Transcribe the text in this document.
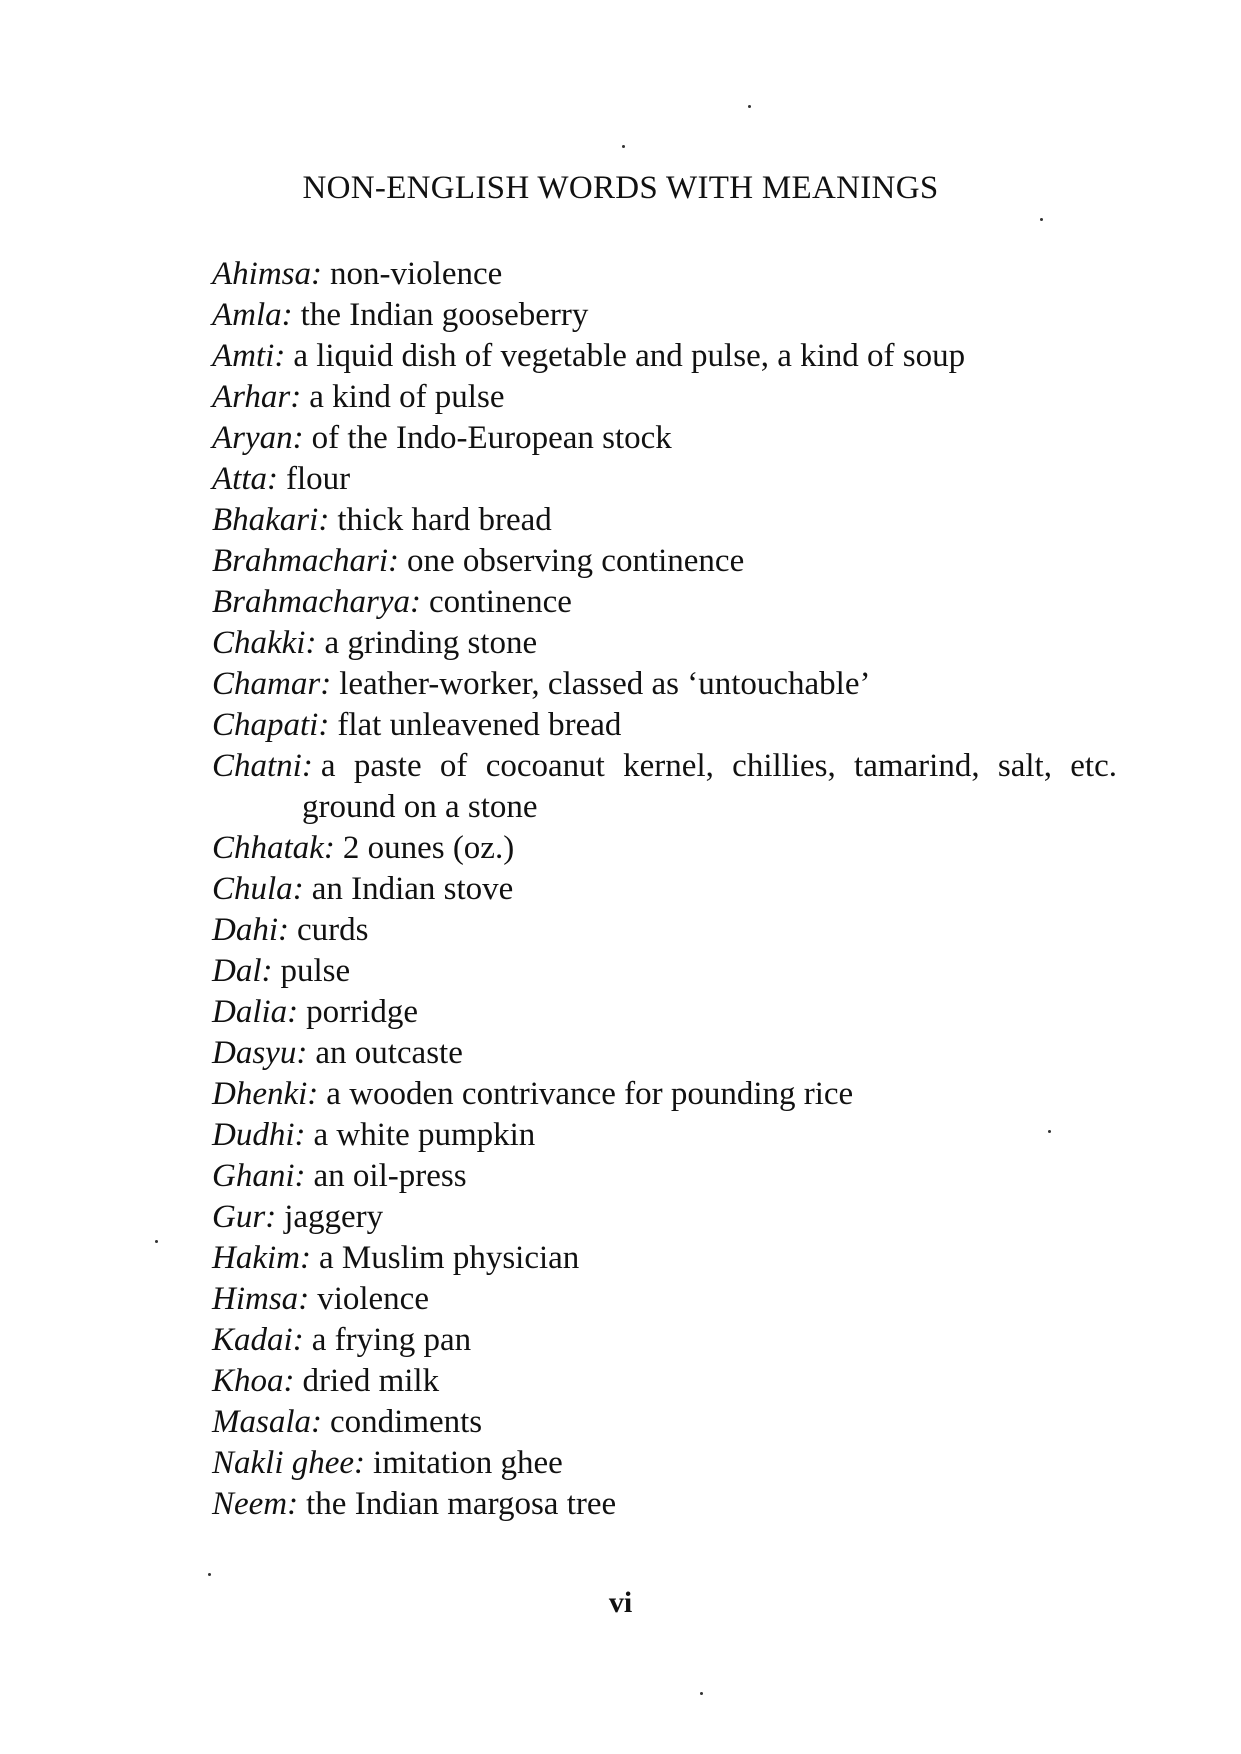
NON-ENGLISH WORDS WITH MEANINGS
Ahimsa: non-violence
Amla: the Indian gooseberry
Amti: a liquid dish of vegetable and pulse, a kind of soup
Arhar: a kind of pulse
Aryan: of the Indo-European stock
Atta: flour
Bhakari: thick hard bread
Brahmachari: one observing continence
Brahmacharya: continence
Chakki: a grinding stone
Chamar: leather-worker, classed as ‘untouchable’
Chapati: flat unleavened bread
Chatni: a paste of cocoanut kernel, chillies, tamarind, salt, etc. ground on a stone
Chhatak: 2 ounes (oz.)
Chula: an Indian stove
Dahi: curds
Dal: pulse
Dalia: porridge
Dasyu: an outcaste
Dhenki: a wooden contrivance for pounding rice
Dudhi: a white pumpkin
Ghani: an oil-press
Gur: jaggery
Hakim: a Muslim physician
Himsa: violence
Kadai: a frying pan
Khoa: dried milk
Masala: condiments
Nakli ghee: imitation ghee
Neem: the Indian margosa tree
vi
